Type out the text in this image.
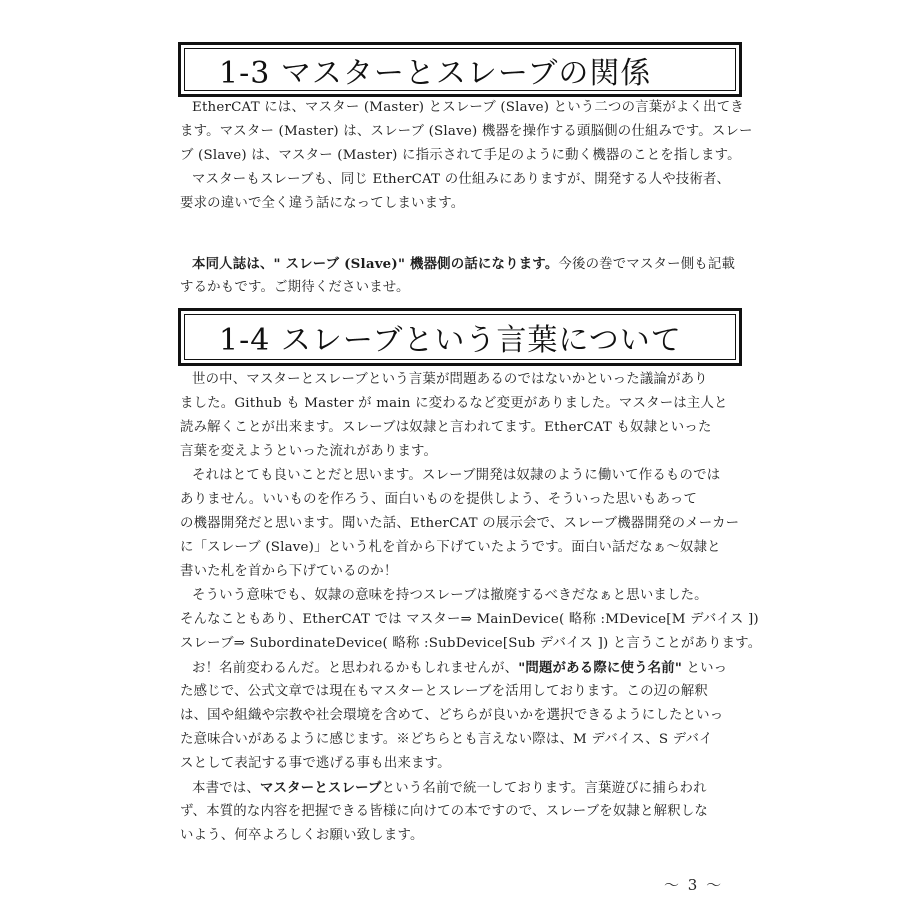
1-3 マスターとスレーブの関係
EtherCAT には、マスター (Master) とスレーブ (Slave) という二つの言葉がよく出てき
ます。マスター (Master) は、スレーブ (Slave) 機器を操作する頭脳側の仕組みです。スレー
ブ (Slave) は、マスター (Master) に指示されて手足のように動く機器のことを指します。
マスターもスレーブも、同じ EtherCAT の仕組みにありますが、開発する人や技術者、
要求の違いで全く違う話になってしまいます。
本同人誌は、" スレーブ (Slave)" 機器側の話になります。今後の巻でマスター側も記載
するかもです。ご期待くださいませ。
1-4 スレーブという言葉について
世の中、マスターとスレーブという言葉が問題あるのではないかといった議論があり
ました。Github も Master が main に変わるなど変更がありました。マスターは主人と
読み解くことが出来ます。スレーブは奴隷と言われてます。EtherCAT も奴隷といった
言葉を変えようといった流れがあります。
それはとても良いことだと思います。スレーブ開発は奴隷のように働いて作るものでは
ありません。いいものを作ろう、面白いものを提供しよう、そういった思いもあって
の機器開発だと思います。聞いた話、EtherCAT の展示会で、スレーブ機器開発のメーカー
に「スレーブ (Slave)」という札を首から下げていたようです。面白い話だなぁ～奴隷と
書いた札を首から下げているのか！
そういう意味でも、奴隷の意味を持つスレーブは撤廃するべきだなぁと思いました。
そんなこともあり、EtherCAT では マスター⇒ MainDevice( 略称 :MDevice[M デバイス ])
スレーブ⇒ SubordinateDevice( 略称 :SubDevice[Sub デバイス ]) と言うことがあります。
お！名前変わるんだ。と思われるかもしれませんが、"問題がある際に使う名前" といっ
た感じで、公式文章では現在もマスターとスレーブを活用しております。この辺の解釈
は、国や組織や宗教や社会環境を含めて、どちらが良いかを選択できるようにしたといっ
た意味合いがあるように感じます。※どちらとも言えない際は、M デバイス、S デバイ
スとして表記する事で逃げる事も出来ます。
本書では、マスターとスレーブという名前で統一しております。言葉遊びに捕らわれ
ず、本質的な内容を把握できる皆様に向けての本ですので、スレーブを奴隷と解釈しな
いよう、何卒よろしくお願い致します。
～ 3 ～
